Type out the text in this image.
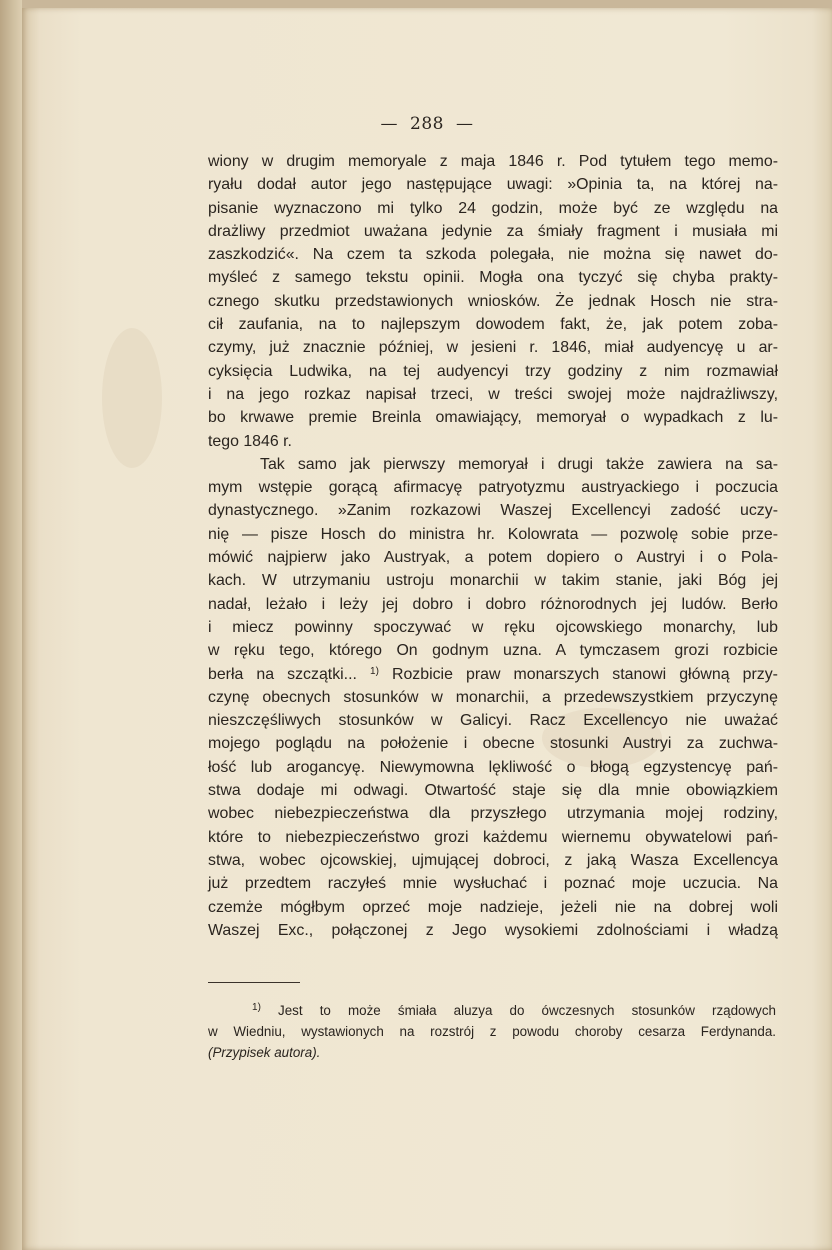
— 288 —
wiony w drugim memoryale z maja 1846 r. Pod tytułem tego memo-
ryału dodał autor jego następujące uwagi: »Opinia ta, na której na-
pisanie wyznaczono mi tylko 24 godzin, może być ze względu na
drażliwy przedmiot uważana jedynie za śmiały fragment i musiała mi
zaszkodzić«. Na czem ta szkoda polegała, nie można się nawet do-
myśleć z samego tekstu opinii. Mogła ona tyczyć się chyba prakty-
cznego skutku przedstawionych wniosków. Że jednak Hosch nie stra-
cił zaufania, na to najlepszym dowodem fakt, że, jak potem zoba-
czymy, już znacznie później, w jesieni r. 1846, miał audyencyę u ar-
cyksięcia Ludwika, na tej audyencyi trzy godziny z nim rozmawiał
i na jego rozkaz napisał trzeci, w treści swojej może najdrażliwszy,
bo krwawe premie Breinla omawiający, memoryał o wypadkach z lu-
tego 1846 r.
Tak samo jak pierwszy memoryał i drugi także zawiera na sa-
mym wstępie gorącą afirmacyę patryotyzmu austryackiego i poczucia
dynastycznego. »Zanim rozkazowi Waszej Excellencyi zadość uczy-
nię — pisze Hosch do ministra hr. Kolowrata — pozwolę sobie prze-
mówić najpierw jako Austryak, a potem dopiero o Austryi i o Pola-
kach. W utrzymaniu ustroju monarchii w takim stanie, jaki Bóg jej
nadał, leżało i leży jej dobro i dobro różnorodnych jej ludów. Berło
i miecz powinny spoczywać w ręku ojcowskiego monarchy, lub
w ręku tego, którego On godnym uzna. A tymczasem grozi rozbicie
berła na szczątki... $^{1)}$ Rozbicie praw monarszych stanowi główną przy-
czynę obecnych stosunków w monarchii, a przedewszystkiem przyczynę
nieszczęśliwych stosunków w Galicyi. Racz Excellencyo nie uważać
mojego poglądu na położenie i obecne stosunki Austryi za zuchwa-
łość lub arogancyę. Niewymowna lękliwość o błogą egzystencyę pań-
stwa dodaje mi odwagi. Otwartość staje się dla mnie obowiązkiem
wobec niebezpieczeństwa dla przyszłego utrzymania mojej rodziny,
które to niebezpieczeństwo grozi każdemu wiernemu obywatelowi pań-
stwa, wobec ojcowskiej, ujmującej dobroci, z jaką Wasza Excellencya
już przedtem raczyłeś mnie wysłuchać i poznać moje uczucia. Na
czemże mógłbym oprzeć moje nadzieje, jeżeli nie na dobrej woli
Waszej Exc., połączonej z Jego wysokiemi zdolnościami i władzą
$^{1)}$ Jest to może śmiała aluzya do ówczesnych stosunków rządowych
w Wiedniu, wystawionych na rozstrój z powodu choroby cesarza Ferdynanda.
(Przypisek autora).
